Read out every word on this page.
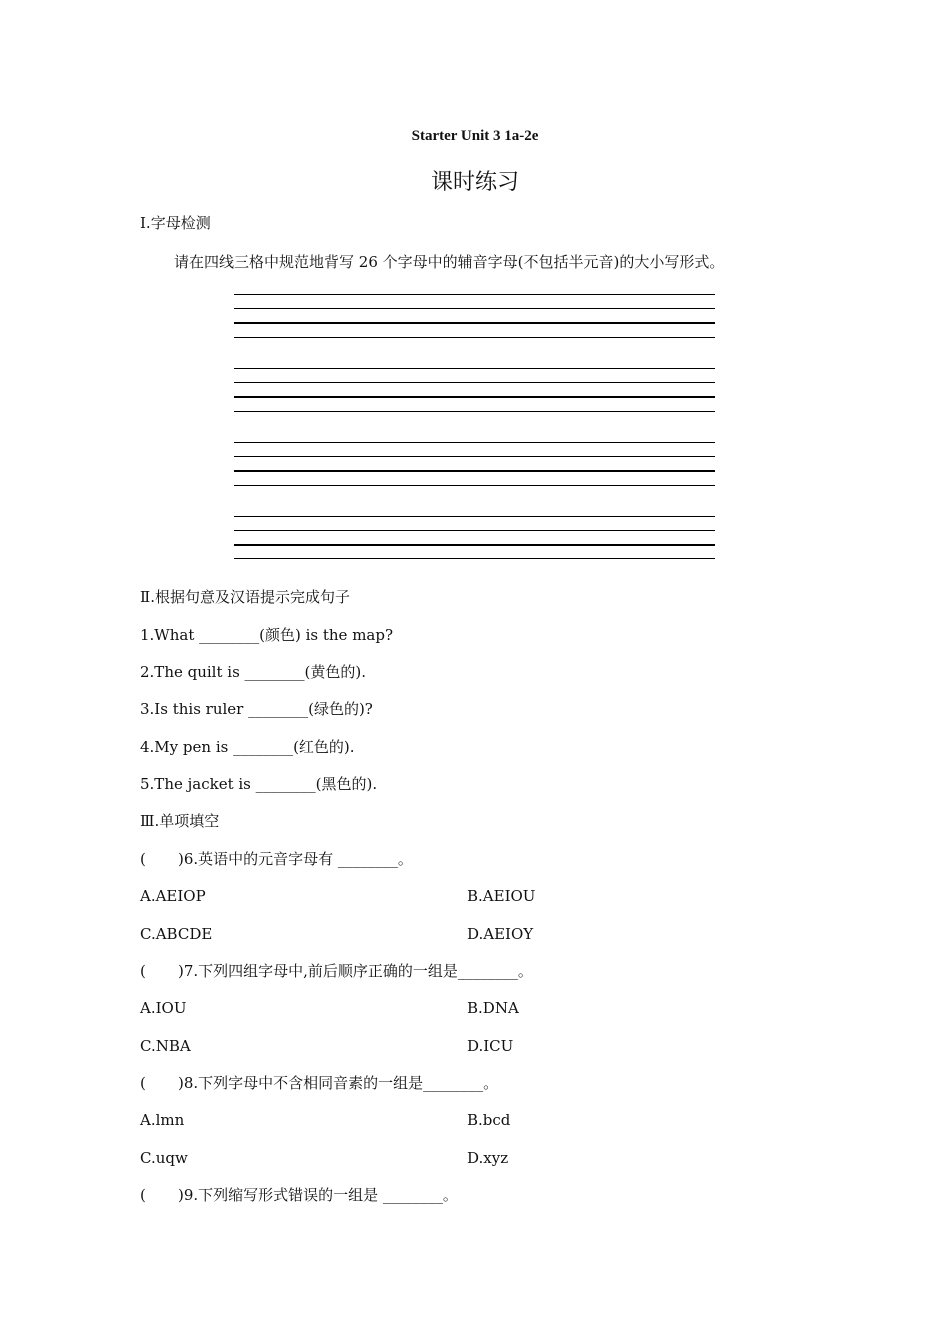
Starter Unit 3 1a-2e
课时练习
Ⅰ.字母检测
请在四线三格中规范地背写 26 个字母中的辅音字母(不包括半元音)的大小写形式。
Ⅱ.根据句意及汉语提示完成句子
1.What ________(颜色) is the map?
2.The quilt is ________(黄色的).
3.Is this ruler ________(绿色的)?
4.My pen is ________(红色的).
5.The jacket is ________(黑色的).
Ⅲ.单项填空
( )6.英语中的元音字母有 ________。
A.AEIOP	B.AEIOU
C.ABCDE	D.AEIOY
( )7.下列四组字母中,前后顺序正确的一组是________。
A.IOU	B.DNA
C.NBA	D.ICU
( )8.下列字母中不含相同音素的一组是________。
A.lmn	B.bcd
C.uqw	D.xyz
( )9.下列缩写形式错误的一组是 ________。
